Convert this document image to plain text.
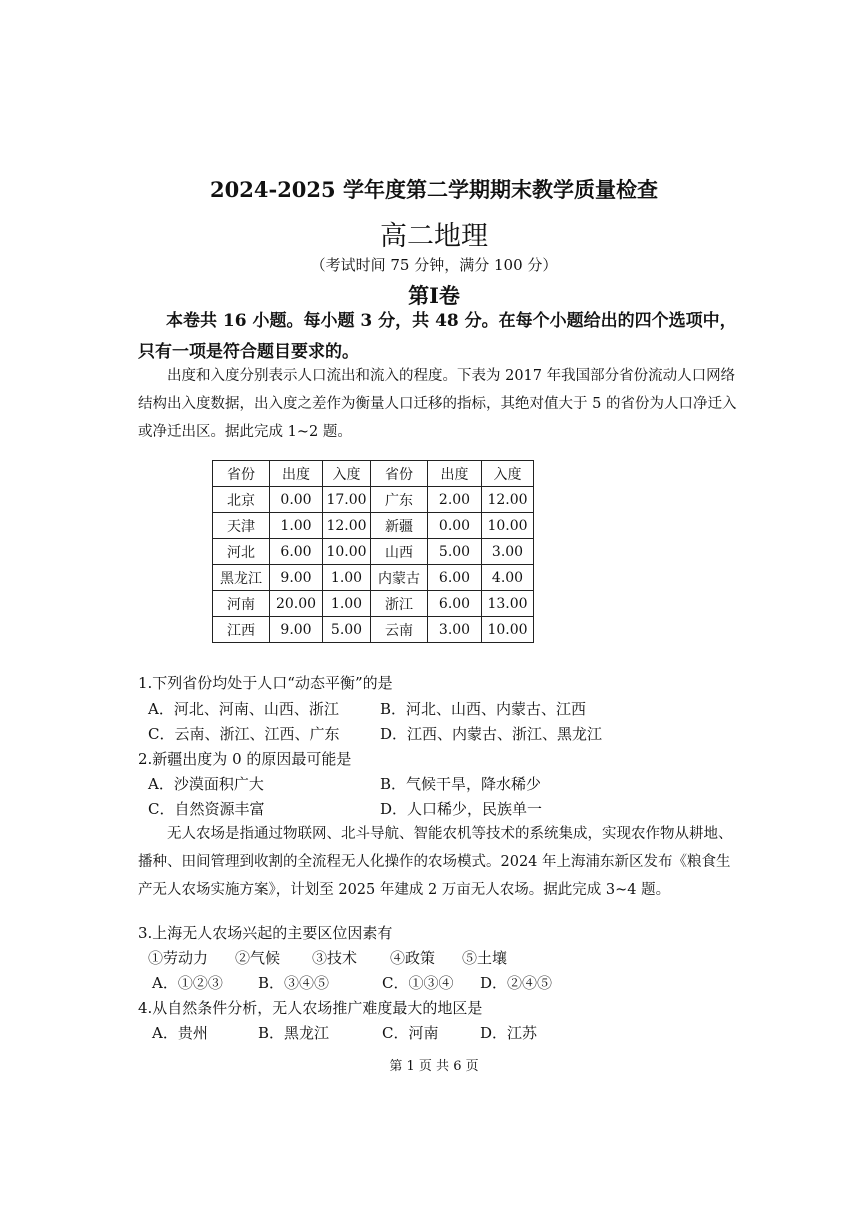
2024-2025 学年度第二学期期末教学质量检查
高二地理
（考试时间 75 分钟，满分 100 分）
第Ⅰ卷
本卷共 16 小题。每小题 3 分，共 48 分。在每个小题给出的四个选项中，只有一项是符合题目要求的。
出度和入度分别表示人口流出和流入的程度。下表为 2017 年我国部分省份流动人口网络结构出入度数据，出入度之差作为衡量人口迁移的指标，其绝对值大于 5 的省份为人口净迁入或净迁出区。据此完成 1~2 题。
省份	出度	入度	省份	出度	入度
北京	0.00	17.00	广东	2.00	12.00
天津	1.00	12.00	新疆	0.00	10.00
河北	6.00	10.00	山西	5.00	3.00
黑龙江	9.00	1.00	内蒙古	6.00	4.00
河南	20.00	1.00	浙江	6.00	13.00
江西	9.00	5.00	云南	3.00	10.00
1.下列省份均处于人口“动态平衡”的是
A．河北、河南、山西、浙江	B．河北、山西、内蒙古、江西
C．云南、浙江、江西、广东	D．江西、内蒙古、浙江、黑龙江
2.新疆出度为 0 的原因最可能是
A．沙漠面积广大	B．气候干旱，降水稀少
C．自然资源丰富	D．人口稀少，民族单一
无人农场是指通过物联网、北斗导航、智能农机等技术的系统集成，实现农作物从耕地、播种、田间管理到收割的全流程无人化操作的农场模式。2024 年上海浦东新区发布《粮食生产无人农场实施方案》，计划至 2025 年建成 2 万亩无人农场。据此完成 3~4 题。
3.上海无人农场兴起的主要区位因素有
①劳动力 ②气候 ③技术 ④政策 ⑤土壤
A．①②③ B．③④⑤	C．①③④ D．②④⑤
4.从自然条件分析，无人农场推广难度最大的地区是
A．贵州	B．黑龙江	C．河南	D．江苏
第 1 页 共 6 页
